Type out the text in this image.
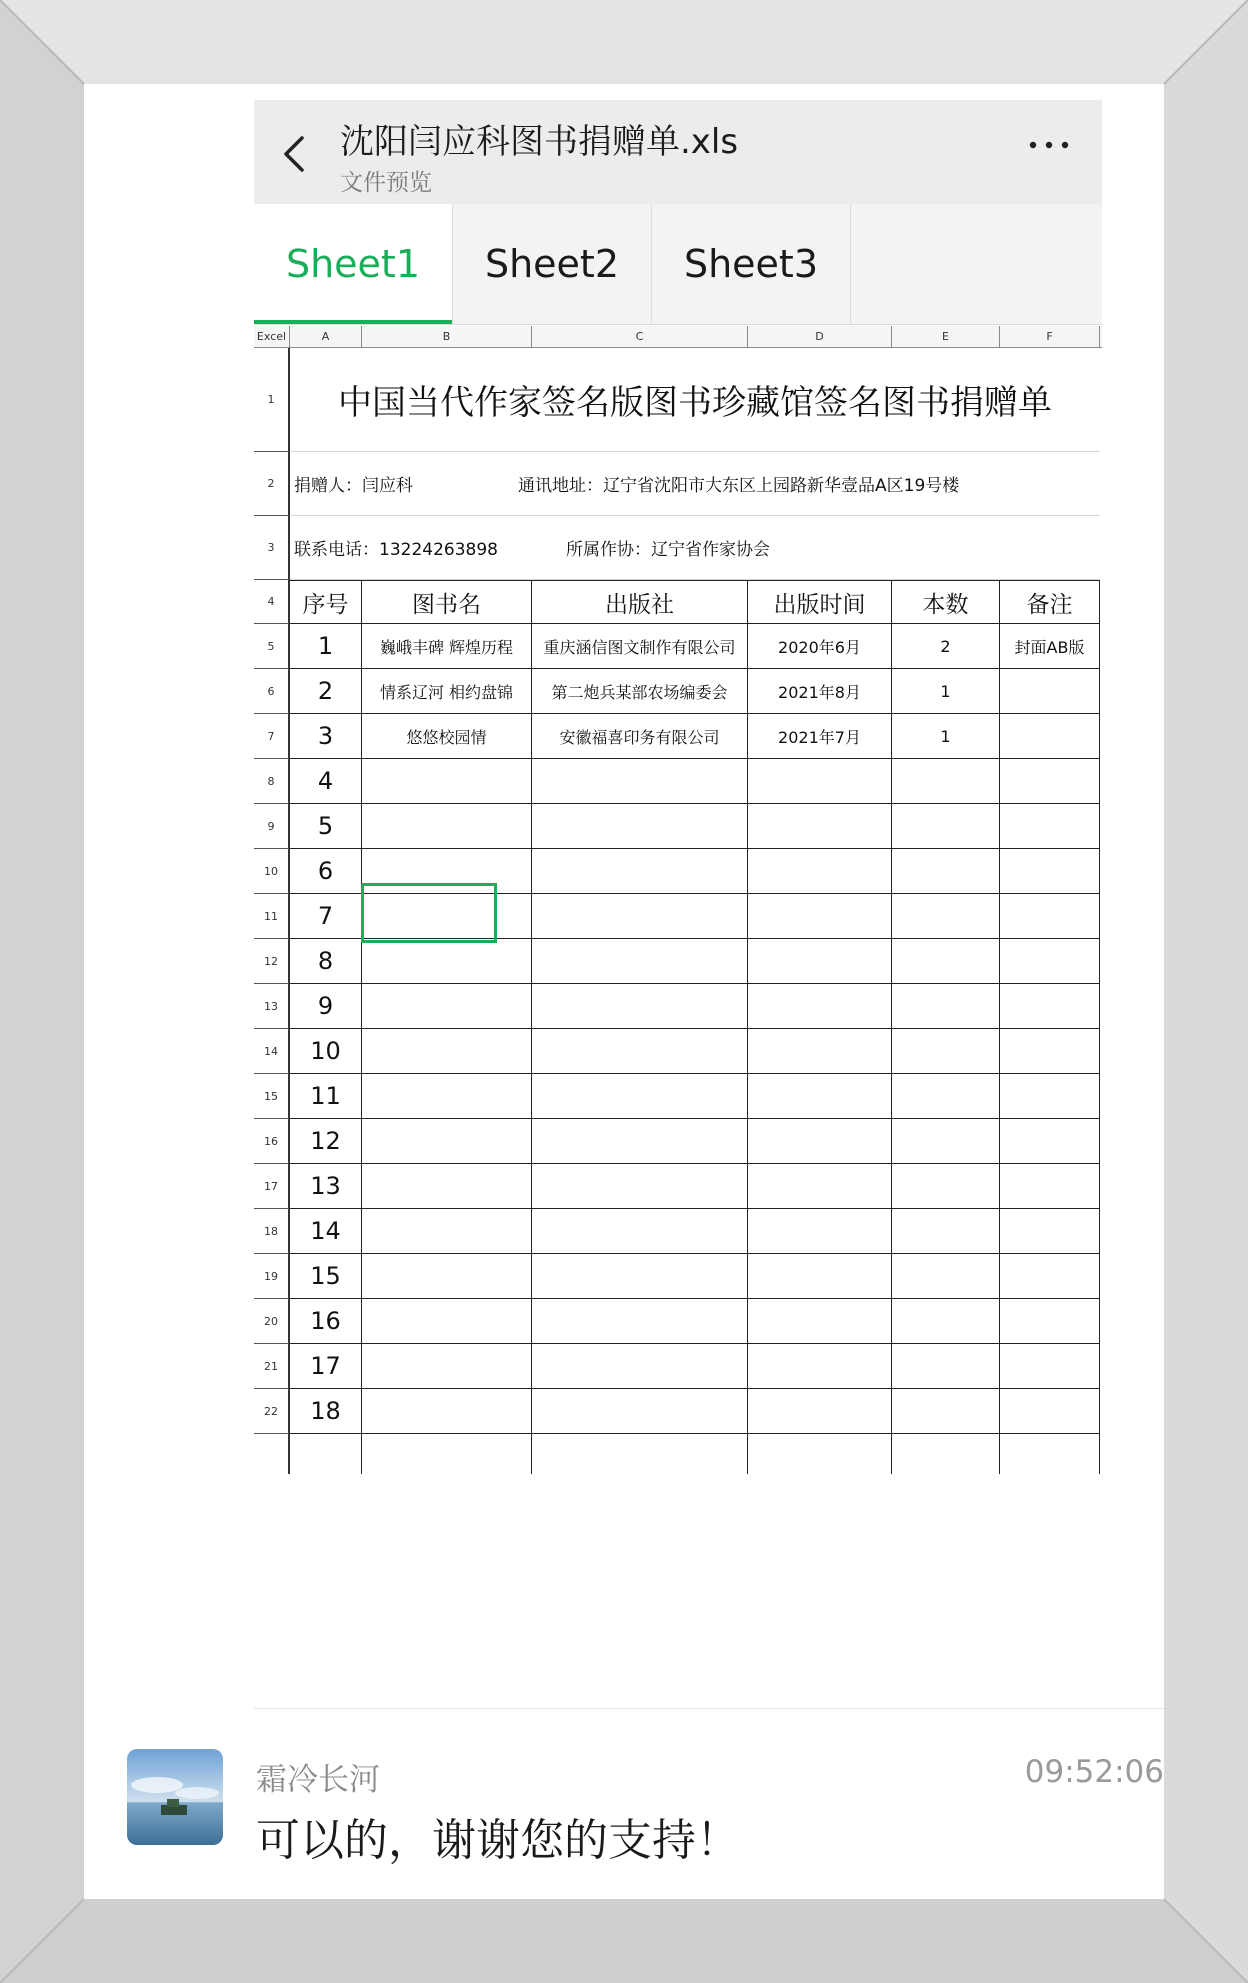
沈阳闫应科图书捐赠单.xls
文件预览
Sheet1	Sheet2	Sheet3
Excel	A	B	C	D	E	F
1
2
3
4
5
6
7
8
9
10
11
12
13
14
15
16
17
18
19
20
21
22
中国当代作家签名版图书珍藏馆签名图书捐赠单
捐赠人：闫应科	通讯地址：辽宁省沈阳市大东区上园路新华壹品A区19号楼
联系电话：13224263898	所属作协：辽宁省作家协会
序号	图书名	出版社	出版时间	本数	备注
1	巍峨丰碑 辉煌历程	重庆涵信图文制作有限公司	2020年6月	2	封面AB版
2	情系辽河 相约盘锦	第二炮兵某部农场编委会	2021年8月	1
3	悠悠校园情	安徽福喜印务有限公司	2021年7月	1
4
5
6
7
8
9
10
11
12
13
14
15
16
17
18
霜冷长河	09:52:06
可以的，谢谢您的支持！
